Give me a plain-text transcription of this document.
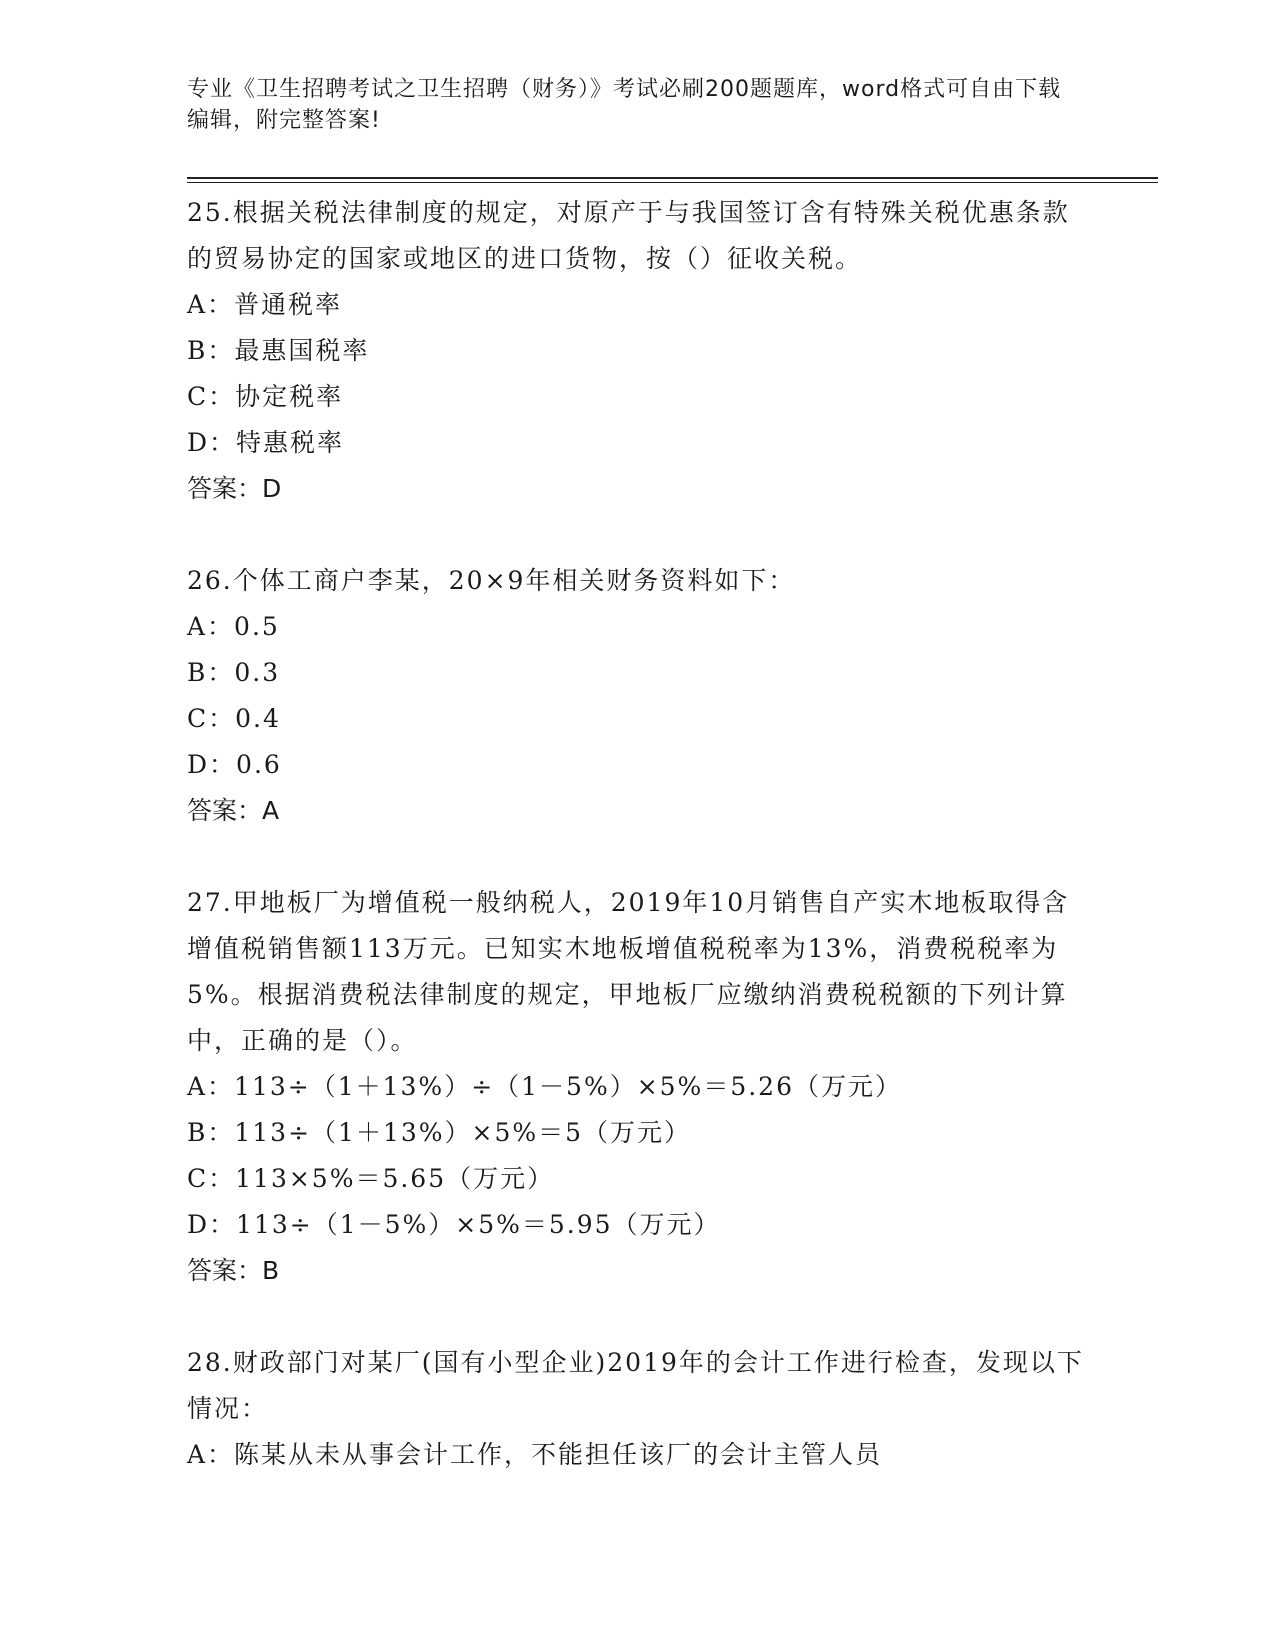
专业《卫生招聘考试之卫生招聘（财务）》考试必刷200题题库，word格式可自由下载编辑，附完整答案!

25.根据关税法律制度的规定，对原产于与我国签订含有特殊关税优惠条款的贸易协定的国家或地区的进口货物，按（）征收关税。

A：普通税率

B：最惠国税率

C：协定税率

D：特惠税率

答案：D

26.个体工商户李某，20×9年相关财务资料如下：

A：0.5

B：0.3

C：0.4

D：0.6

答案：A

27.甲地板厂为增值税一般纳税人，2019年10月销售自产实木地板取得含增值税销售额113万元。已知实木地板增值税税率为13%，消费税税率为5%。根据消费税法律制度的规定，甲地板厂应缴纳消费税税额的下列计算中，正确的是（）。

A：113÷（1＋13%）÷（1－5%）×5%＝5.26（万元）

B：113÷（1＋13%）×5%＝5（万元）

C：113×5%＝5.65（万元）

D：113÷（1－5%）×5%＝5.95（万元）

答案：B

28.财政部门对某厂(国有小型企业)2019年的会计工作进行检查，发现以下情况：

A：陈某从未从事会计工作，不能担任该厂的会计主管人员
